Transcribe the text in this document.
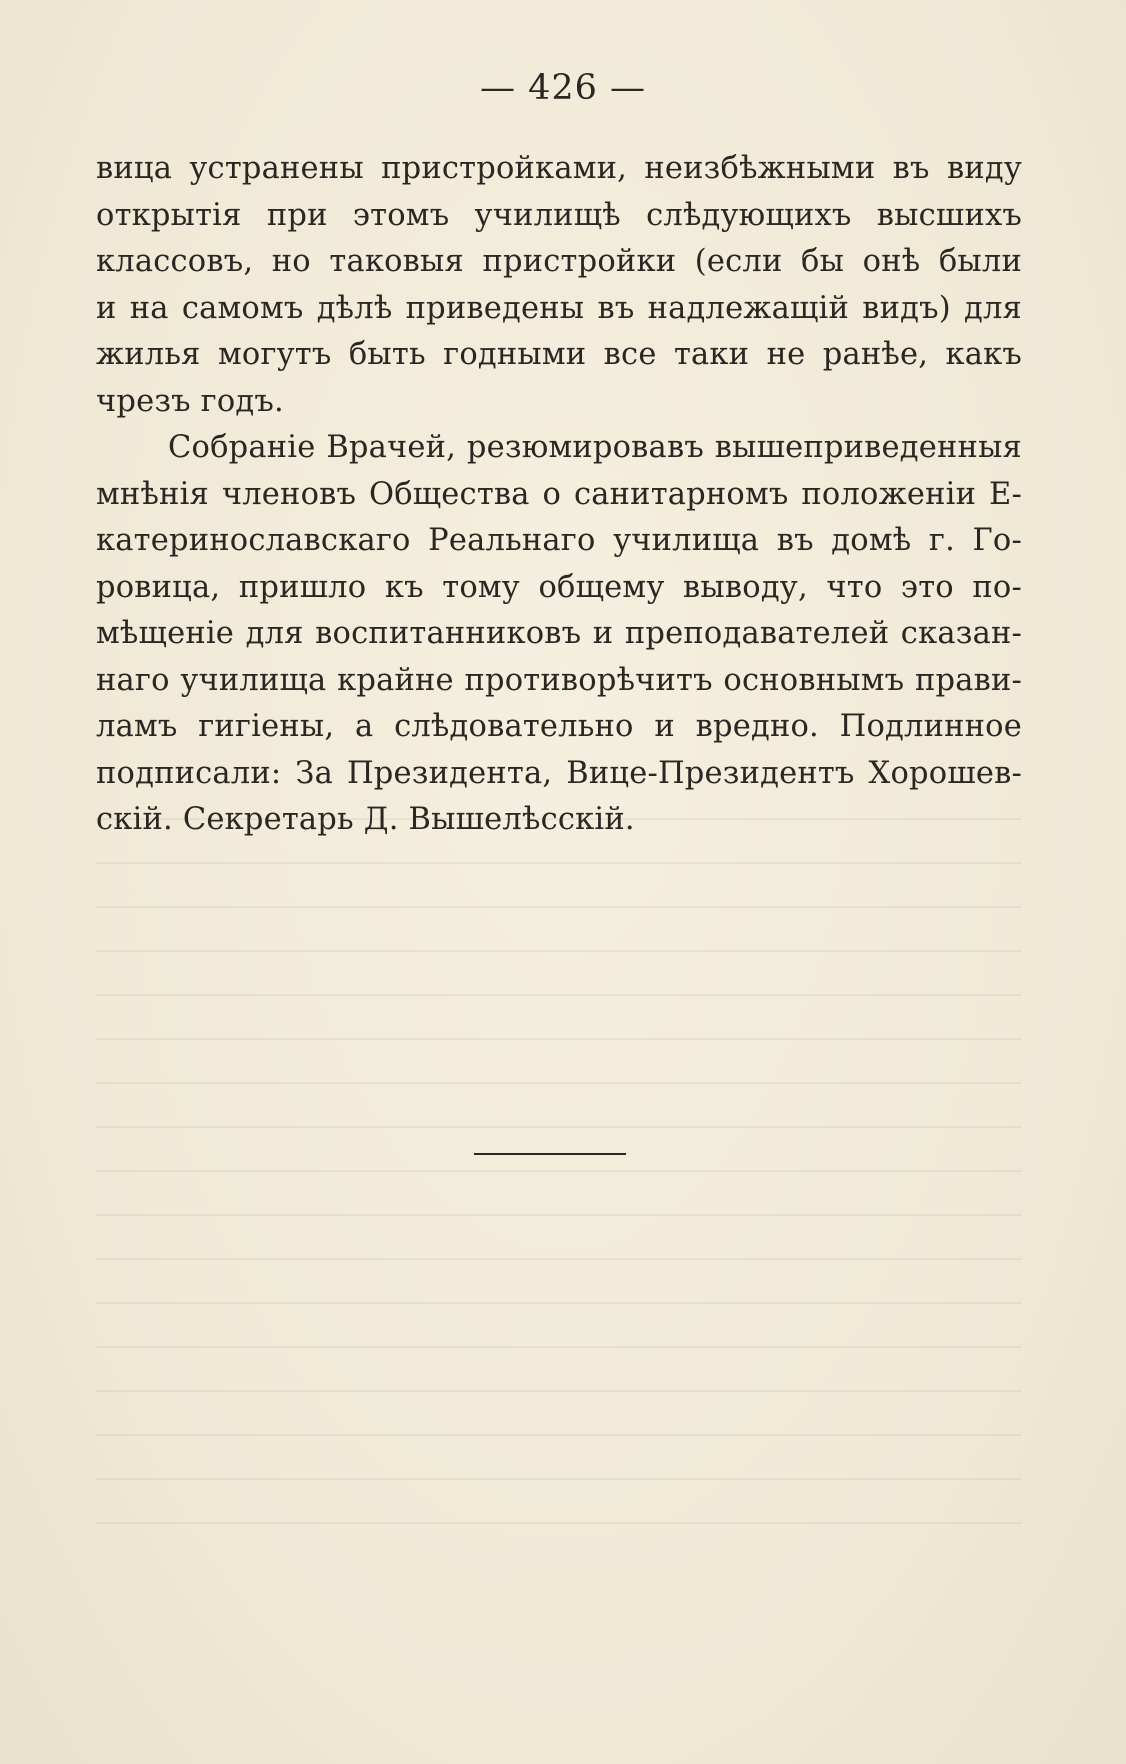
— 426 —

вица устранены пристройками, неизбѣжными въ виду
открытія при этомъ училищѣ слѣдующихъ высшихъ
классовъ, но таковыя пристройки (если бы онѣ были
и на самомъ дѣлѣ приведены въ надлежащій видъ) для
жилья могутъ быть годными все таки не ранѣе, какъ
чрезъ годъ.

Собраніе Врачей, резюмировавъ вышеприведенныя
мнѣнія членовъ Общества о санитарномъ положеніи Е-
катеринославскаго Реальнаго училища въ домѣ г. Го-
ровица, пришло къ тому общему выводу, что это по-
мѣщеніе для воспитанниковъ и преподавателей сказан-
наго училища крайне противорѣчитъ основнымъ прави-
ламъ гигіены, а слѣдовательно и вредно. Подлинное
подписали: За Президента, Вице-Президентъ Хорошев-
скій. Секретарь Д. Вышелѣсскій.
